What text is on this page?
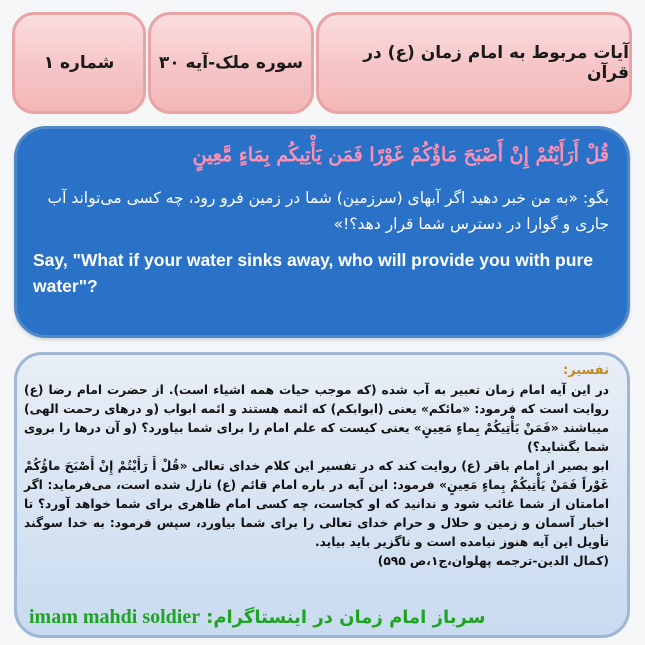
آیات مربوط به امام زمان (ع) در قرآن
سوره ملک-آیه ۳۰
شماره ۱
قُلْ أَرَأَيْتُمْ إِنْ أَصْبَحَ مَاؤُكُمْ غَوْرًا فَمَن يَأْتِيكُم بِمَاءٍ مَّعِينٍ
بگو: «به من خبر دهید اگر آبهای (سرزمین) شما در زمین فرو رود، چه کسی می‌تواند آب جاری و گوارا در دسترس شما قرار دهد؟!»
Say, "What if your water sinks away, who will provide you with pure water"?
تفسیر:

در این آیه امام زمان تعبیر به آب شده (که موجب حیات همه اشیاء است). از حضرت امام رضا (ع) روایت است که فرمود: «مائکم» یعنی (ابوابکم) که ائمه هستند و ائمه ابواب (و درهای رحمت الهی) میباشند «فَمَنْ يَأْتِيكُمْ بِماءٍ مَعِينٍ» یعنی کیست که علم امام را برای شما بیاورد؟ (و آن درها را بروی شما بگشاید؟)

ابو بصیر از امام باقر (ع) روایت کند که در تفسیر این کلام خدای تعالی «قُلْ أَ رَأَيْتُمْ إِنْ أَصْبَحَ ماؤُكُمْ غَوْراً فَمَنْ يَأْتِيكُمْ بِماءٍ مَعِينٍ» فرمود: این آیه در باره امام قائم (ع) نازل شده است، می‌فرماید: اگر امامتان از شما غائب شود و ندانید که او کجاست، چه کسی امام ظاهری برای شما خواهد آورد؟ تا اخبار آسمان و زمین و حلال و حرام خدای تعالی را برای شما بیاورد، سپس فرمود: به خدا سوگند تأویل این آیه هنوز نیامده است و ناگزیر باید بیاید.

(کمال الدین-ترجمه پهلوان،ج۱،ص ۵۹۵)

سرباز امام زمان در اینستاگرام:
imam mahdi soldier
